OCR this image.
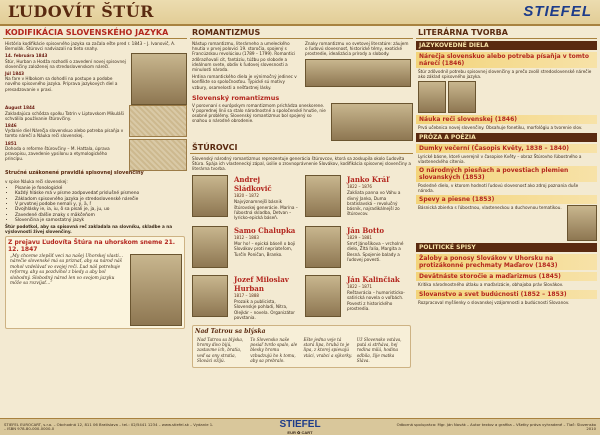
ĽUDOVÍT ŠTÚR	STIEFEL
KODIFIKÁCIA SLOVENSKÉHO JAZYKA
História kodifikácie spisovného jazyka sa začala ešte pred r. 1843 – J. Ivanovič, A. Bernolák. Štúrovci nadviazali na tieto snahy.
14. februára 1843
Štúr, Hurban a Hodža rozhodli o zavedení novej spisovnej slovenčiny založenej na stredoslovenskom nárečí.
Júl 1843
Na fare v Hlbokom sa dohodli na postupe a podobe nového spisovného jazyka. Príprava jazykových diel a presadzovanie v praxi.
August 1844
Zakladajúca schôdza spolku Tatrín v Liptovskom Mikuláši schválila používanie štúrovčiny.
1846
Vydanie diel Nárečja slovenskuo alebo potreba písaňja v tomto nárečí a Náuka reči slovenskej.
1851
Dohoda o reforme štúrovčiny – M. Hattala, úprava pravopisu, zavedenie ypsilonu a etymologického princípu.
Stručné uzákonené pravidlá spisovnej slovenčiny
v spise Náuka reči slovenskej:
• Písanie je fonologické
• Každý hláske má v písme zodpovedať príslušné písmeno
• Základom spisovného jazyka je stredoslovenské nárečie
• V prvotnej podobe nemali y, ý, ä, ľ
• Dvojhlásky ie, ia, iu, ô sa písali je, ja, ju, uo
• Zavedené ďalšie znaky s mäkčeňom
• Slovenčina je samostatný jazyk
Štúr podotkol, aby sa spisovná reč zakladala na slovníku, skladbe a na výslovnosti živej slovenčiny.
Z prejavu Ľudovíta Štúra na uhorskom sneme 21. 12. 1847
„My chceme zlepšiť veci na našej Uhorskej vlasti... nárečie slovenské má sa priznať, aby sa národ náš mohol vzdelávať vo svojej reči. Ľud náš potrebuje reformy, aby sa pozdvihol z biedy a aby bol slobodný. Slobodný národ len vo svojom jazyku môže sa rozvíjať...“
ROMANTIZMUS
Nástup romantizmu, literárneho a umeleckého hnutia v prvej polovici 19. storočia, spojený s Francúzskou revolúciou (1789 – 1799). Romantici zdôrazňovali cit, fantáziu, túžbu po slobode a ideálnom svete, obdiv k ľudovej slovesnosti a minulosti národa.
Hrdina romantického diela je výnimočný jedinec v konflikte so spoločnosťou. Typické sú motívy vzbury, osamelosti a nešťastnej lásky.
Znaky romantizmu vo svetovej literatúre: záujem o ľudovú slovesnosť, historické témy, exotické prostredie, idealizácia prírody a slobody.
Slovenský romantizmus
V porovnaní s európskym romantizmom prichádza oneskorene. V poprednej línii sa stalo národnostné a spoločenské hnutie, nie osobné problémy. Slovenský romantizmus bol spojený so snahou o národné obrodenie.
ŠTÚROVCI
Slovenský národný romantizmus reprezentuje generácia štúrovcov, ktorá sa zoskupila okolo Ľudovíta Štúra. Spája ich vlastenecký zápal, úsilie o zrovnoprávnenie Slovákov, kodifikácia spisovnej slovenčiny a literárna tvorba.
Andrej Sládkovič
1820 – 1872
Najvýznamnejší básnik štúrovskej generácie. Marína – ľúbostná skladba, Detvan – lyricko-epická báseň.
Janko Kráľ
1822 – 1876
Zakliata panna vo Váhu a divný Janko, Duma bratislavská – revolučný básnik, najradikálnejší zo štúrovcov.
Samo Chalupka
1812 – 1883
Mor ho! – epická báseň o boji Slovákov proti nepriateľom, Turčín Poničan, Branko.
Ján Botto
1829 – 1881
Smrť Jánošíkova – vrcholné dielo, Žltá ľalia, Margita a Besná. Spojenie balady a ľudovej povesti.
Jozef Miloslav Hurban
1817 – 1888
Prozaik a publicista, Slovenskje pohladi, Nitra, Olejkár – novela. Organizátor povstania.
Ján Kalinčiak
1822 – 1871
Reštavrácia – humoristicko-satirická novela o voľbách. Povesti z historického prostredia.
Nad Tatrou sa blýska
Nad Tatrou sa blýska, hromy divo bijú, zastavme ich, bratia, veď sa ony stratia, Slováci ožijú.
To Slovensko naše posiaľ tvrdo spalo, ale blesky hromu vzbudzujú ho k tomu, aby sa prebralo.
Ešte jedna veje tá stará lipa, hrubá to je lipa, z ktorej spievajú vtáci, vrabci a sýkorky.
Už Slovensko vstáva, putá si strháva, hej rodina milá, hodina odbila, žije matka Sláva.
LITERÁRNA TVORBA
JAZYKOVEDNÉ DIELA
Nárečja slovenskuo alebo potreba písaňja v tomto nárečí (1846)
Štúr zdôvodnil potrebu spisovnej slovenčiny a prečo zvolil stredoslovenské nárečie ako základ spisovného jazyka.
Náuka reči slovenskej (1846)
Prvá učebnica novej slovenčiny. Obsahuje fonetiku, morfológiu a tvorenie slov.
PRÓZA A POÉZIA
Dumky večerní (Časopis Květy, 1838 – 1840)
Lyrické básne, ktoré uverejnil v časopise Květy – obraz Štúrovho ľúbostného a vlasteneckého cítenia.
O národných piesňach a povestiach plemien slovanských (1853)
Posledné dielo, v ktorom hodnotí ľudovú slovesnosť ako zdroj poznania duše národa.
Spevy a piesne (1853)
Básnická zbierka s ľúbostnou, vlasteneckou a duchovnou tematikou.
POLITICKÉ SPISY
Žaloby a ponosy Slovákov v Uhorsku na protizákonné prechmaty Maďarov (1843)
Devätnáste storočie a maďarizmus (1845)
Kritika národnostného útlaku a maďarizácie, obhajoba práv Slovákov.
Slovanstvo a svet budúcnosti (1852 – 1853)
Rozpracoval myšlienky o slovanskej vzájomnosti a budúcnosti Slovanov.
STIEFEL EUROCART, s.r.o. – Obchodná 12, 811 06 Bratislava – tel.: 02/5441 1234 – www.stiefel.sk – Vydanie 1. – ISBN 978-80-000-0000-0	STIEFEL
EUR ✿ CART
Odborná spolupráca: Mgr. Ján Novák – Autor textov a grafika – Všetky práva vyhradené – Tlač: Slovensko 2010
